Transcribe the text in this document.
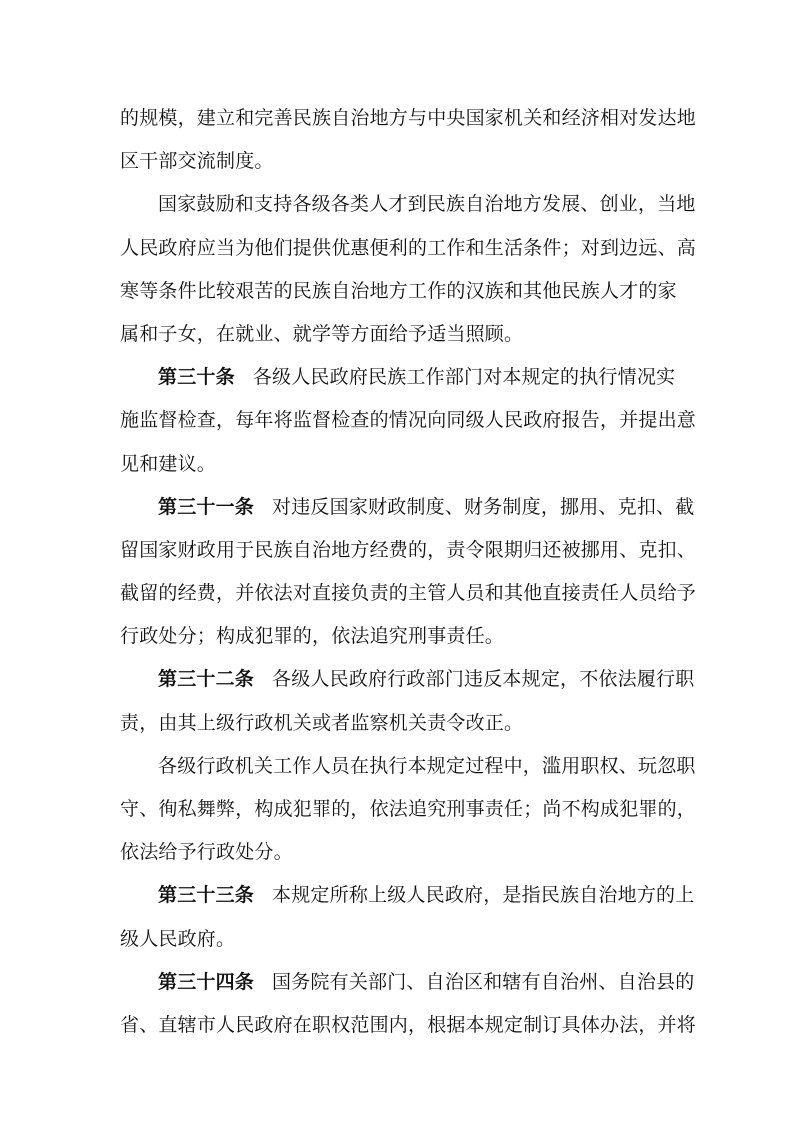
的规模，建立和完善民族自治地方与中央国家机关和经济相对发达地
区干部交流制度。
国家鼓励和支持各级各类人才到民族自治地方发展、创业，当地
人民政府应当为他们提供优惠便利的工作和生活条件；对到边远、高
寒等条件比较艰苦的民族自治地方工作的汉族和其他民族人才的家
属和子女，在就业、就学等方面给予适当照顾。
第三十条 各级人民政府民族工作部门对本规定的执行情况实
施监督检查，每年将监督检查的情况向同级人民政府报告，并提出意
见和建议。
第三十一条 对违反国家财政制度、财务制度，挪用、克扣、截
留国家财政用于民族自治地方经费的，责令限期归还被挪用、克扣、
截留的经费，并依法对直接负责的主管人员和其他直接责任人员给予
行政处分；构成犯罪的，依法追究刑事责任。
第三十二条 各级人民政府行政部门违反本规定，不依法履行职
责，由其上级行政机关或者监察机关责令改正。
各级行政机关工作人员在执行本规定过程中，滥用职权、玩忽职
守、徇私舞弊，构成犯罪的，依法追究刑事责任；尚不构成犯罪的，
依法给予行政处分。
第三十三条 本规定所称上级人民政府，是指民族自治地方的上
级人民政府。
第三十四条 国务院有关部门、自治区和辖有自治州、自治县的
省、直辖市人民政府在职权范围内，根据本规定制订具体办法，并将
